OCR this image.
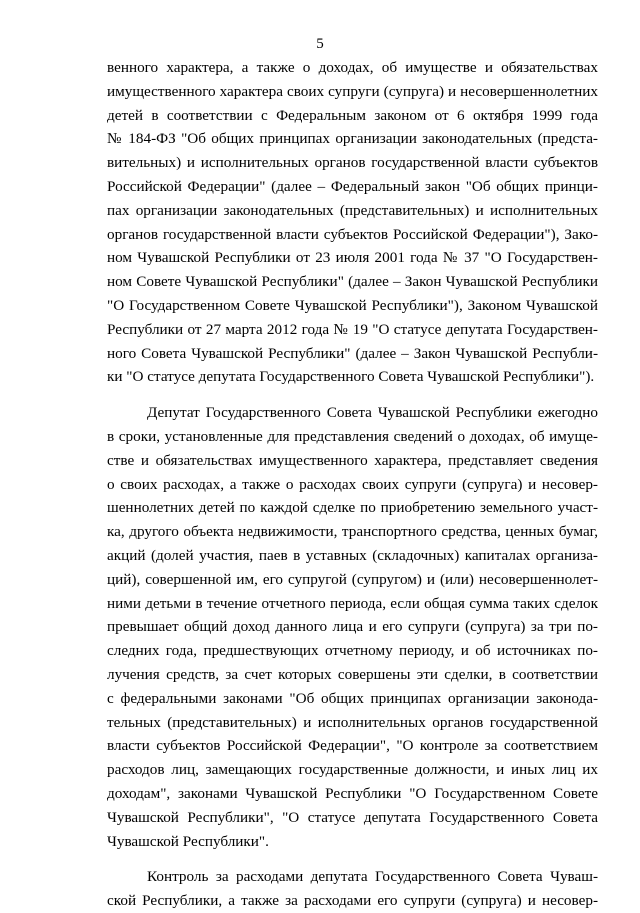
5
венного характера, а также о доходах, об имуществе и обязательствах
имущественного характера своих супруги (супруга) и несовершеннолетних
детей в соответствии с Федеральным законом от 6 октября 1999 года
№ 184-ФЗ "Об общих принципах организации законодательных (предста-
вительных) и исполнительных органов государственной власти субъектов
Российской Федерации" (далее – Федеральный закон "Об общих принци-
пах организации законодательных (представительных) и исполнительных
органов государственной власти субъектов Российской Федерации"), Зако-
ном Чувашской Республики от 23 июля 2001 года № 37 "О Государствен-
ном Совете Чувашской Республики" (далее – Закон Чувашской Республики
"О Государственном Совете Чувашской Республики"), Законом Чувашской
Республики от 27 марта 2012 года № 19 "О статусе депутата Государствен-
ного Совета Чувашской Республики" (далее – Закон Чувашской Республи-
ки "О статусе депутата Государственного Совета Чувашской Республики").
Депутат Государственного Совета Чувашской Республики ежегодно
в сроки, установленные для представления сведений о доходах, об имуще-
стве и обязательствах имущественного характера, представляет сведения
о своих расходах, а также о расходах своих супруги (супруга) и несовер-
шеннолетних детей по каждой сделке по приобретению земельного участ-
ка, другого объекта недвижимости, транспортного средства, ценных бумаг,
акций (долей участия, паев в уставных (складочных) капиталах организа-
ций), совершенной им, его супругой (супругом) и (или) несовершеннолет-
ними детьми в течение отчетного периода, если общая сумма таких сделок
превышает общий доход данного лица и его супруги (супруга) за три по-
следних года, предшествующих отчетному периоду, и об источниках по-
лучения средств, за счет которых совершены эти сделки, в соответствии
с федеральными законами "Об общих принципах организации законода-
тельных (представительных) и исполнительных органов государственной
власти субъектов Российской Федерации", "О контроле за соответствием
расходов лиц, замещающих государственные должности, и иных лиц их
доходам", законами Чувашской Республики "О Государственном Совете
Чувашской Республики", "О статусе депутата Государственного Совета
Чувашской Республики".
Контроль за расходами депутата Государственного Совета Чуваш-
ской Республики, а также за расходами его супруги (супруга) и несовер-
